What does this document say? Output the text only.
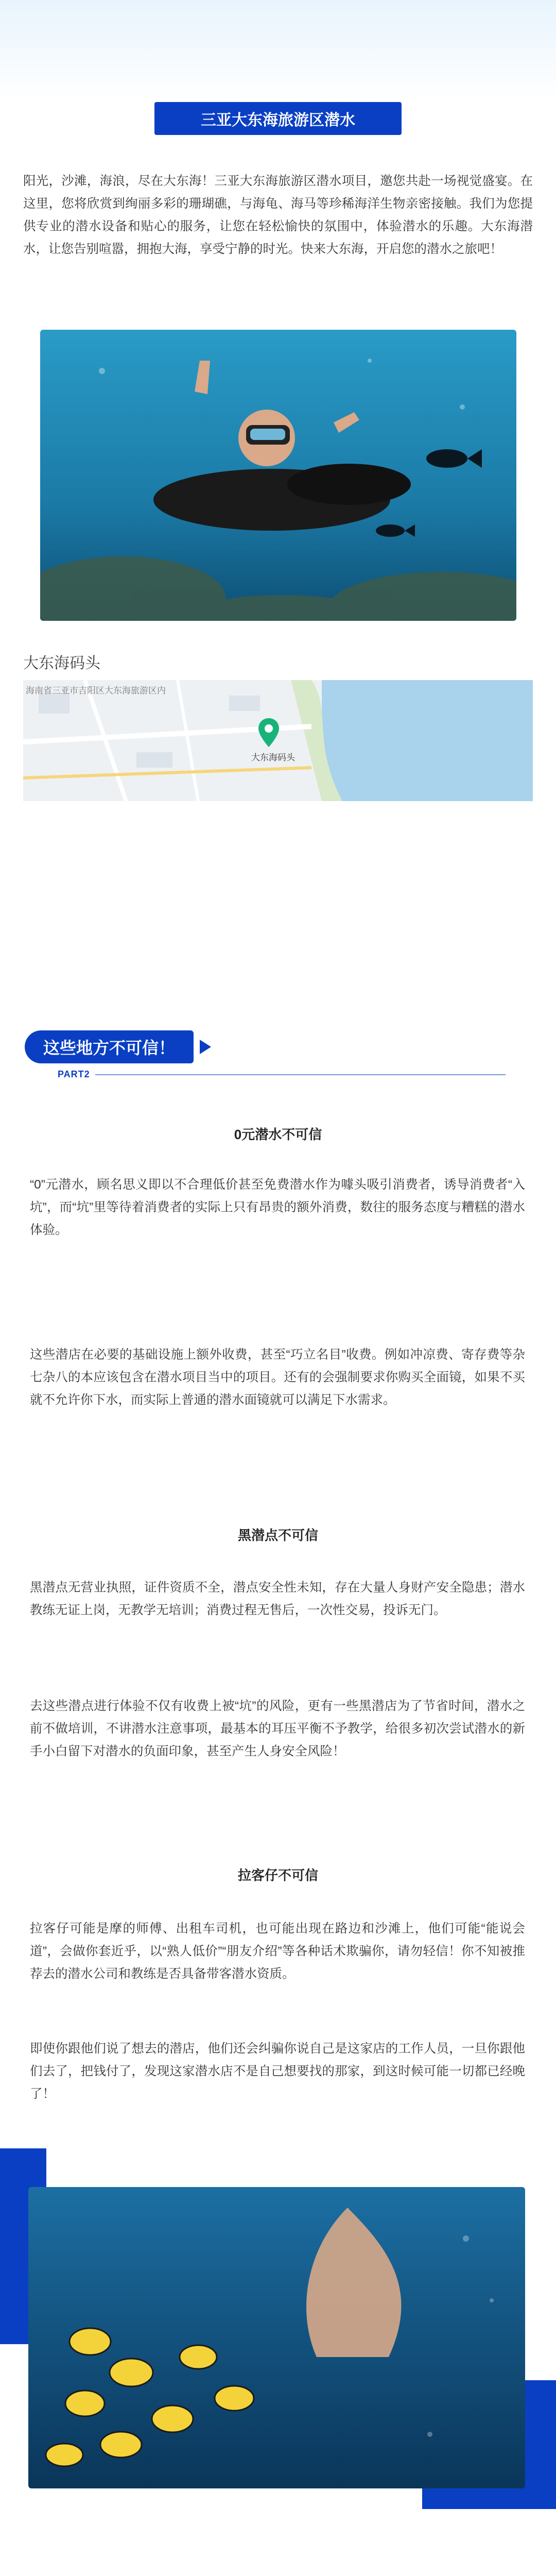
三亚大东海旅游区潜水
阳光，沙滩，海浪，尽在大东海！三亚大东海旅游区潜水项目，邀您共赴一场视觉盛宴。在这里，您将欣赏到绚丽多彩的珊瑚礁，与海龟、海马等珍稀海洋生物亲密接触。我们为您提供专业的潜水设备和贴心的服务，让您在轻松愉快的氛围中，体验潜水的乐趣。大东海潜水，让您告别喧嚣，拥抱大海，享受宁静的时光。快来大东海，开启您的潜水之旅吧！
大东海码头
海南省三亚市吉阳区大东海旅游区内
大东海码头
这些地方不可信！
PART2
0元潜水不可信
“0”元潜水，顾名思义即以不合理低价甚至免费潜水作为噱头吸引消费者，诱导消费者“入坑”，而“坑”里等待着消费者的实际上只有昂贵的额外消费，数往的服务态度与糟糕的潜水体验。
这些潜店在必要的基础设施上额外收费，甚至“巧立名目”收费。例如冲凉费、寄存费等杂七杂八的本应该包含在潜水项目当中的项目。还有的会强制要求你购买全面镜，如果不买就不允许你下水，而实际上普通的潜水面镜就可以满足下水需求。
黑潜点不可信
黑潜点无营业执照，证件资质不全，潜点安全性未知，存在大量人身财产安全隐患；潜水教练无证上岗，无教学无培训；消费过程无售后，一次性交易，投诉无门。
去这些潜点进行体验不仅有收费上被“坑”的风险，更有一些黑潜店为了节省时间，潜水之前不做培训，不讲潜水注意事项，最基本的耳压平衡不予教学，给很多初次尝试潜水的新手小白留下对潜水的负面印象，甚至产生人身安全风险！
拉客仔不可信
拉客仔可能是摩的师傅、出租车司机，也可能出现在路边和沙滩上，他们可能“能说会道”，会做你套近乎，以“熟人低价”“朋友介绍”等各种话术欺骗你，请勿轻信！你不知被推荐去的潜水公司和教练是否具备带客潜水资质。
即使你跟他们说了想去的潜店，他们还会纠骗你说自己是这家店的工作人员，一旦你跟他们去了，把钱付了，发现这家潜水店不是自己想要找的那家，到这时候可能一切都已经晚了！
